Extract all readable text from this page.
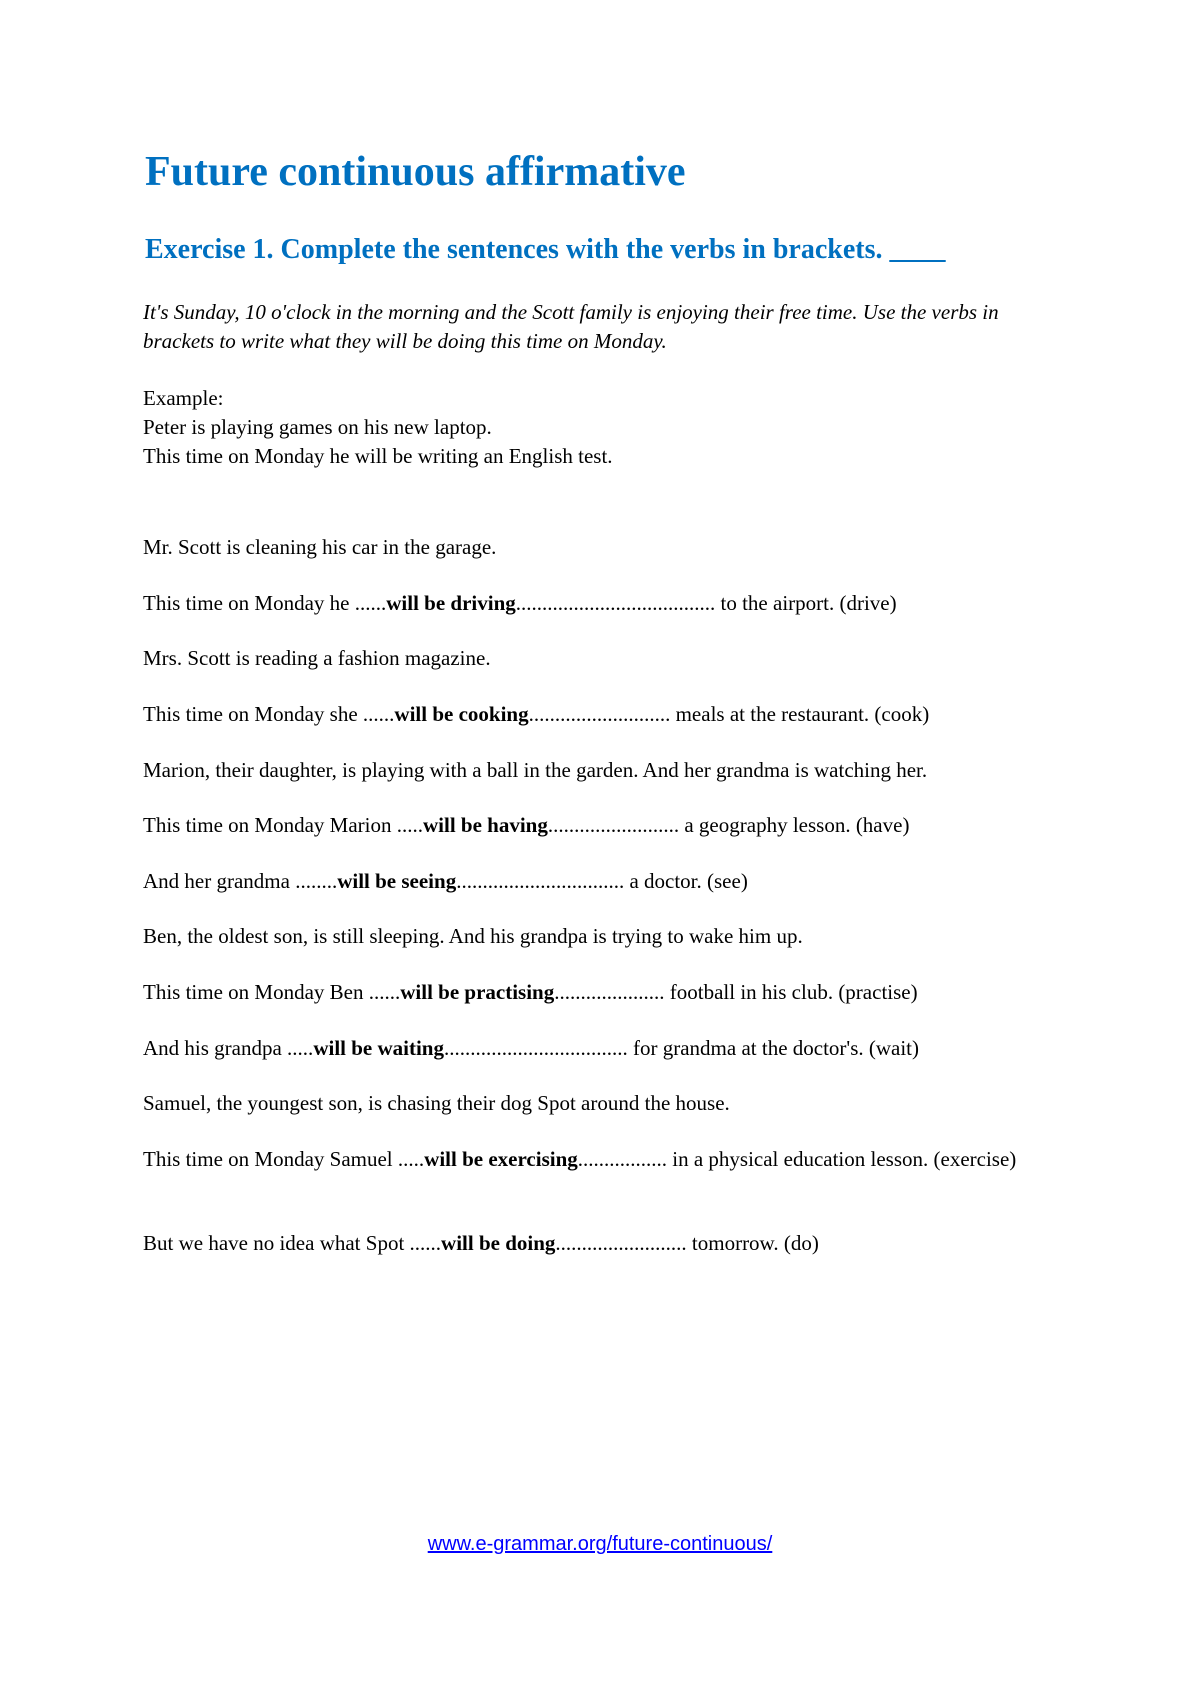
Future continuous affirmative
Exercise 1. Complete the sentences with the verbs in brackets. ____

It's Sunday, 10 o'clock in the morning and the Scott family is enjoying their free time. Use the verbs in brackets to write what they will be doing this time on Monday.

Example:
Peter is playing games on his new laptop.
This time on Monday he will be writing an English test.
Mr. Scott is cleaning his car in the garage.
This time on Monday he ......will be driving...................................... to the airport. (drive)
Mrs. Scott is reading a fashion magazine.
This time on Monday she ......will be cooking........................... meals at the restaurant. (cook)
Marion, their daughter, is playing with a ball in the garden. And her grandma is watching her.
This time on Monday Marion .....will be having......................... a geography lesson. (have)
And her grandma ........will be seeing................................ a doctor. (see)
Ben, the oldest son, is still sleeping. And his grandpa is trying to wake him up.
This time on Monday Ben ......will be practising..................... football in his club. (practise)
And his grandpa .....will be waiting................................... for grandma at the doctor's. (wait)
Samuel, the youngest son, is chasing their dog Spot around the house.
This time on Monday Samuel .....will be exercising................. in a physical education lesson. (exercise)
But we have no idea what Spot ......will be doing......................... tomorrow. (do)
www.e-grammar.org/future-continuous/
